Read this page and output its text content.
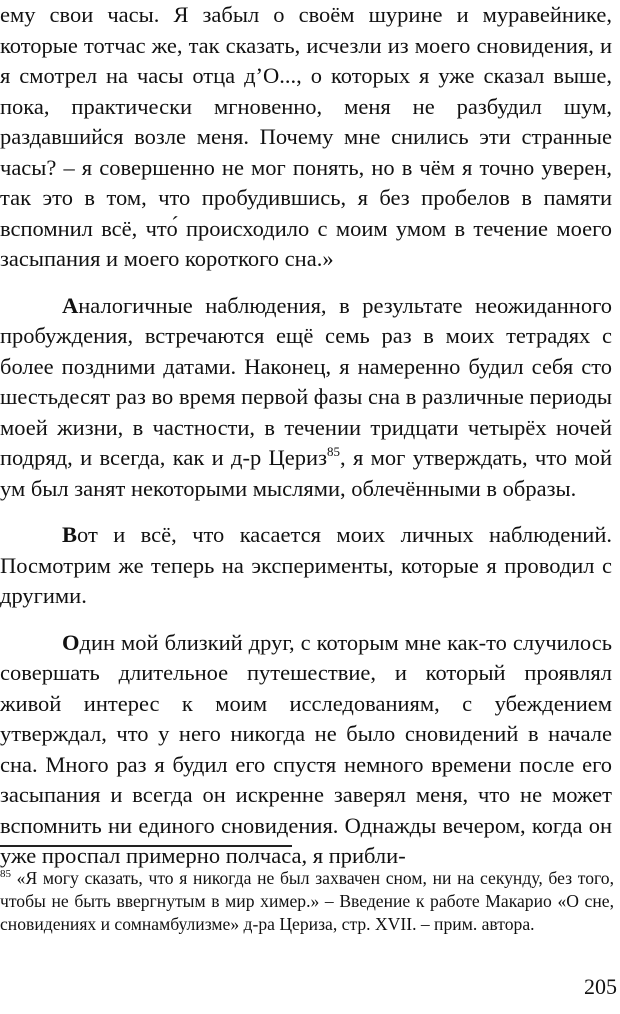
ему свои часы. Я забыл о своём шурине и муравейнике, которые тотчас же, так сказать, исчезли из моего сновидения, и я смотрел на часы отца д’О..., о которых я уже сказал выше, пока, практически мгновенно, меня не разбудил шум, раздавшийся возле меня. Почему мне снились эти странные часы? – я совершенно не мог понять, но в чём я точно уверен, так это в том, что пробудившись, я без пробелов в памяти вспомнил всё, что́ происходило с моим умом в течение моего засыпания и моего короткого сна.»

Аналогичные наблюдения, в результате неожиданного пробуждения, встречаются ещё семь раз в моих тетрадях с более поздними датами. Наконец, я намеренно будил себя сто шестьдесят раз во время первой фазы сна в различные периоды моей жизни, в частности, в течении тридцати четырёх ночей подряд, и всегда, как и д-р Цериз$^{85}$, я мог утверждать, что мой ум был занят некоторыми мыслями, облечёнными в образы.

Вот и всё, что касается моих личных наблюдений. Посмотрим же теперь на эксперименты, которые я проводил с другими.

Один мой близкий друг, с которым мне как-то случилось совершать длительное путешествие, и который проявлял живой интерес к моим исследованиям, с убеждением утверждал, что у него никогда не было сновидений в начале сна. Много раз я будил его спустя немного времени после его засыпания и всегда он искренне заверял меня, что не может вспомнить ни единого сновидения. Однажды вечером, когда он уже проспал примерно полчаса, я прибли-

$^{85}$ «Я могу сказать, что я никогда не был захвачен сном, ни на секунду, без того, чтобы не быть ввергнутым в мир химер.» – Введение к работе Макарио «О сне, сновидениях и сомнамбулизме» д-ра Цериза, стр. XVII. – прим. автора.
205
